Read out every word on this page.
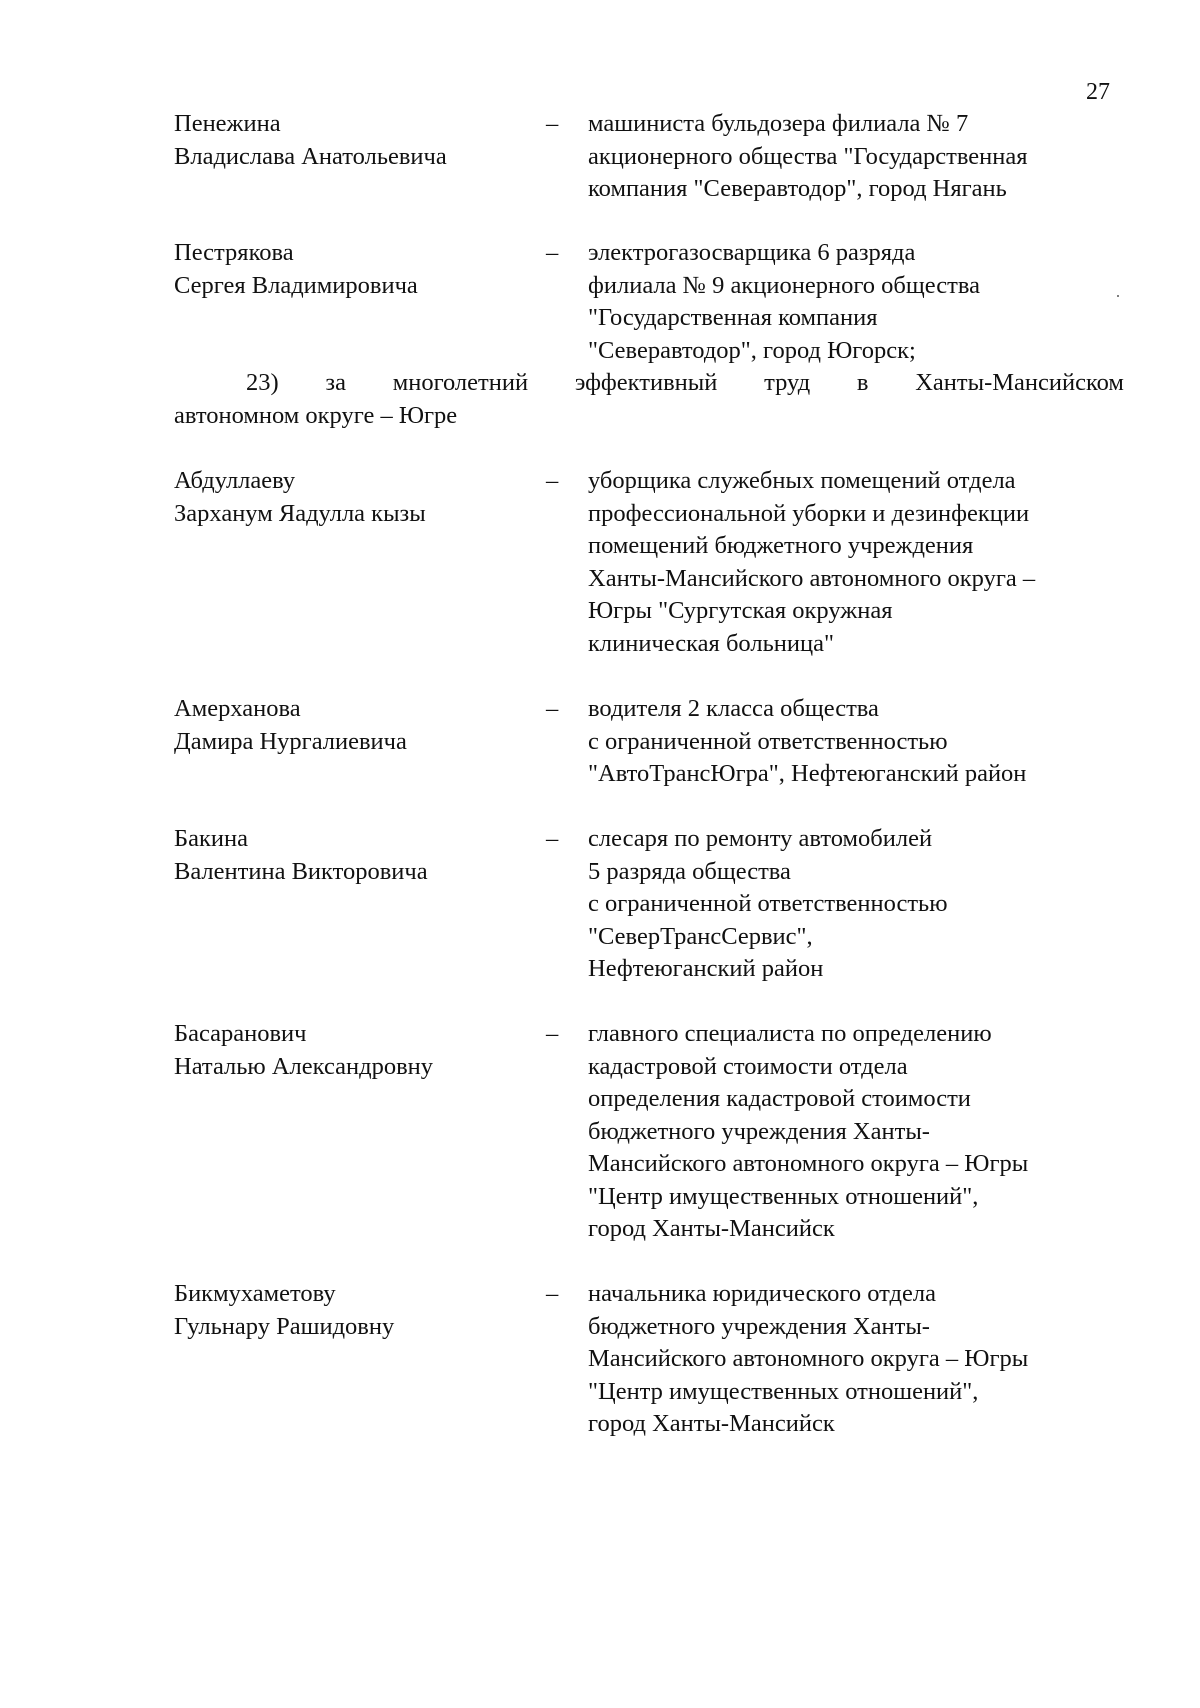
27
Пенежина
Владислава Анатольевича
–	машиниста бульдозера филиала № 7
акционерного общества "Государственная
компания "Северавтодор", город Нягань
Пестрякова
Сергея Владимировича
–	электрогазосварщика 6 разряда
филиала № 9 акционерного общества
"Государственная компания
"Северавтодор", город Югорск;
23) за многолетний эффективный труд в Ханты-Мансийском
автономном округе – Югре
Абдуллаеву
Зарханум Яадулла кызы
–	уборщика служебных помещений отдела
профессиональной уборки и дезинфекции
помещений бюджетного учреждения
Ханты-Мансийского автономного округа –
Югры "Сургутская окружная
клиническая больница"
Амерханова
Дамира Нургалиевича
–	водителя 2 класса общества
с ограниченной ответственностью
"АвтоТрансЮгра", Нефтеюганский район
Бакина
Валентина Викторовича
–	слесаря по ремонту автомобилей
5 разряда общества
с ограниченной ответственностью
"СеверТрансСервис",
Нефтеюганский район
Басаранович
Наталью Александровну
–	главного специалиста по определению
кадастровой стоимости отдела
определения кадастровой стоимости
бюджетного учреждения Ханты-
Мансийского автономного округа – Югры
"Центр имущественных отношений",
город Ханты-Мансийск
Бикмухаметову
Гульнару Рашидовну
–	начальника юридического отдела
бюджетного учреждения Ханты-
Мансийского автономного округа – Югры
"Центр имущественных отношений",
город Ханты-Мансийск
